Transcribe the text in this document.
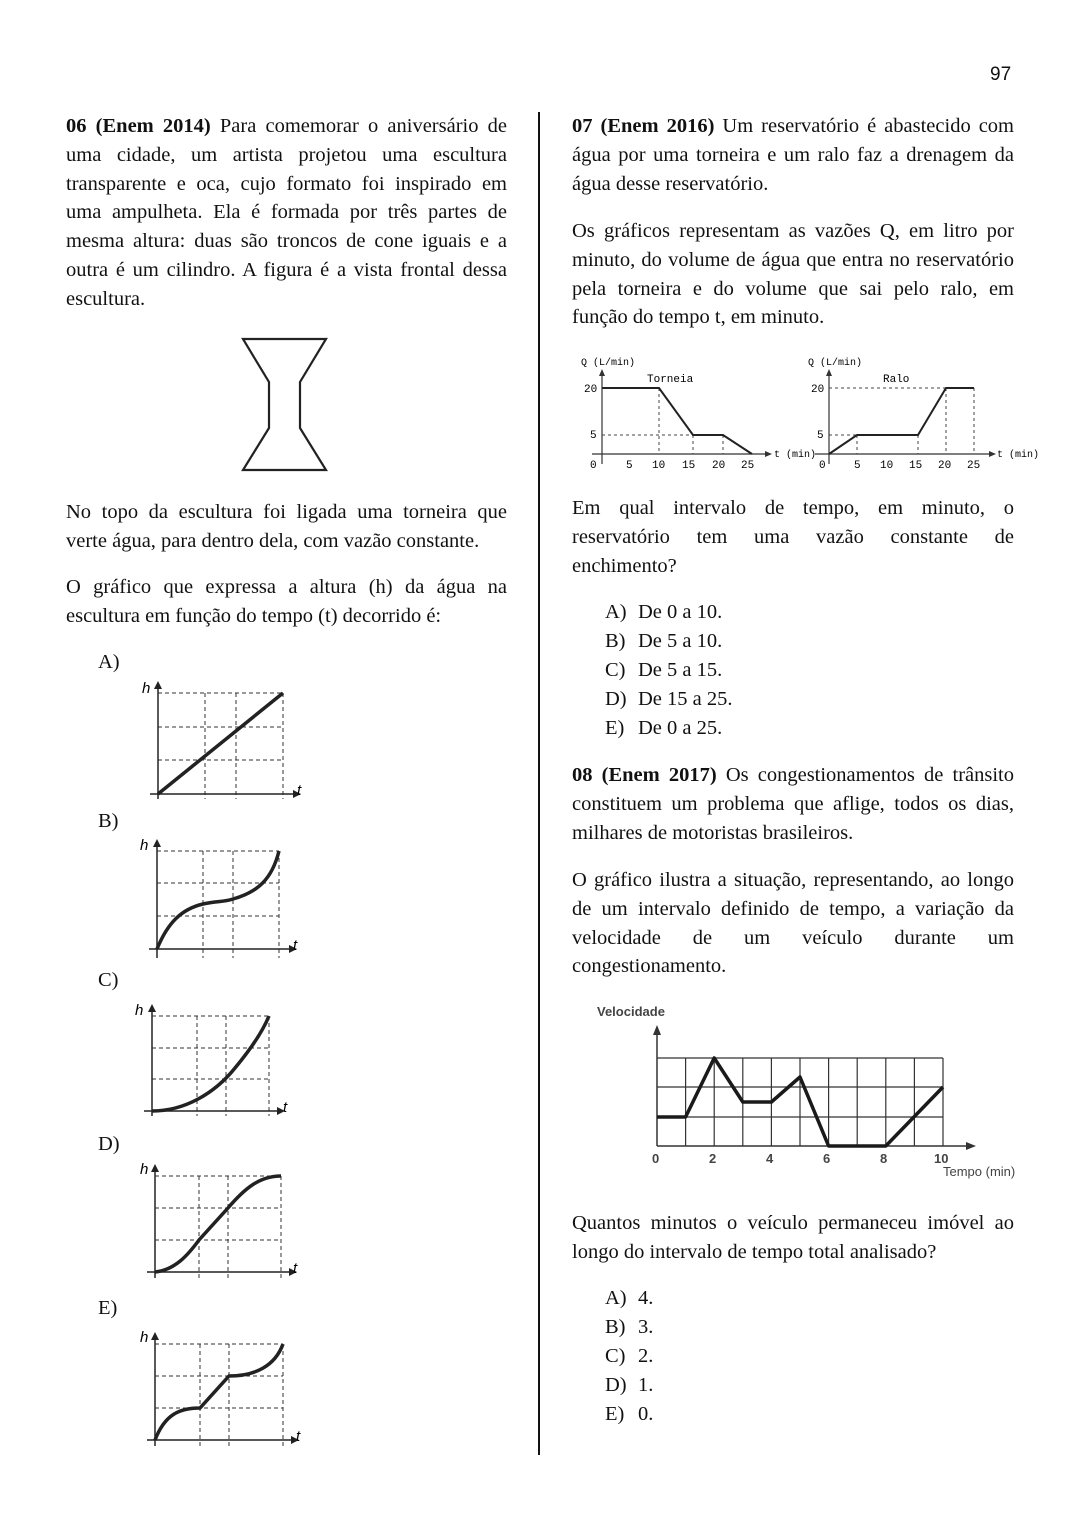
97

06 (Enem 2014) Para comemorar o aniversário de uma cidade, um artista projetou uma escultura transparente e oca, cujo formato foi inspirado em uma ampulheta. Ela é formada por três partes de mesma altura: duas são troncos de cone iguais e a outra é um cilindro. A figura é a vista frontal dessa escultura.

No topo da escultura foi ligada uma torneira que verte água, para dentro dela, com vazão constante.

O gráfico que expressa a altura (h) da água na escultura em função do tempo (t) decorrido é:

A)
h
t
B)
h
t
C)
h
t
D)
h
t
E)
h
t

07 (Enem 2016) Um reservatório é abastecido com água por uma torneira e um ralo faz a drenagem da água desse reservatório.

Os gráficos representam as vazões Q, em litro por minuto, do volume de água que entra no reservatório pela torneira e do volume que sai pelo ralo, em função do tempo t, em minuto.

Q (L/min)
Torneia
t (min)
20
5
0	5 10 15 20 25
Q (L/min)
Ralo
t (min)
20
5
0	5 10 15 20 25

Em qual intervalo de tempo, em minuto, o reservatório tem uma vazão constante de enchimento?

A) De 0 a 10.
B) De 5 a 10.
C) De 5 a 15.
D) De 15 a 25.
E) De 0 a 25.

08 (Enem 2017) Os congestionamentos de trânsito constituem um problema que aflige, todos os dias, milhares de motoristas brasileiros.

O gráfico ilustra a situação, representando, ao longo de um intervalo definido de tempo, a variação da velocidade de um veículo durante um congestionamento.

Velocidade
0	2	4	6	8	10
Tempo (min)

Quantos minutos o veículo permaneceu imóvel ao longo do intervalo de tempo total analisado?

A) 4.
B) 3.
C) 2.
D) 1.
E) 0.
